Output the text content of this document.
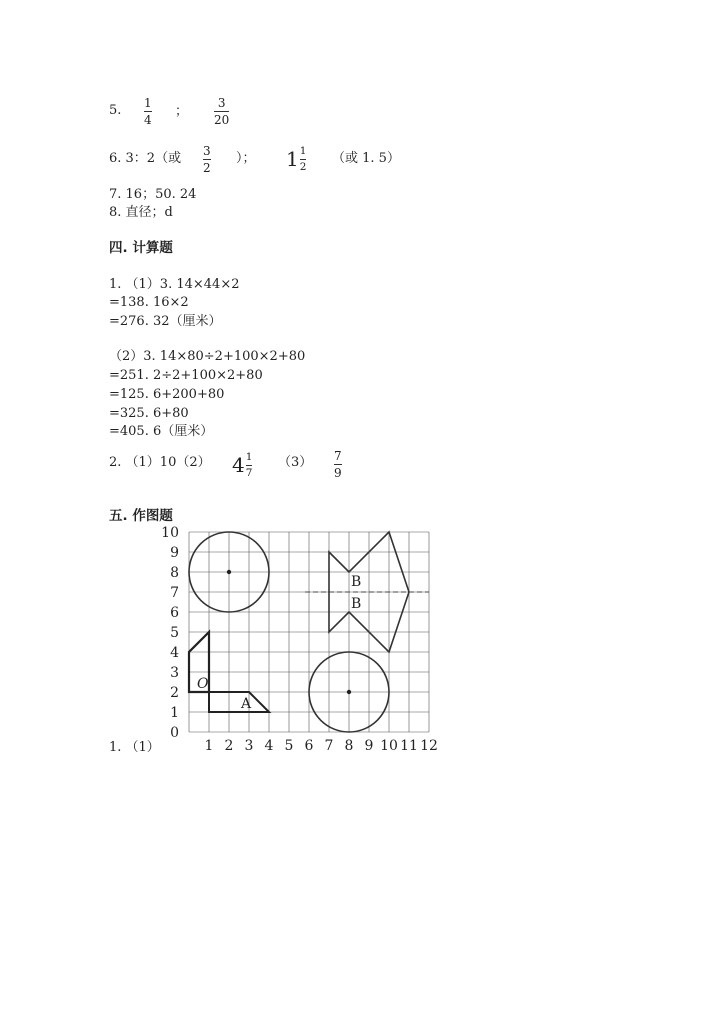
5. 1
4
；
3
20
6. 3：2（或 3
2
）； $1 \frac{1}{2}$ （或 1. 5）
7. 16；50. 24
8. 直径；d
四. 计算题
1. （1）3. 14×44×2
=138. 16×2
=276. 32（厘米）
（2）3. 14×80÷2+100×2+80
=251. 2÷2+100×2+80
=125. 6+200+80
=325. 6+80
=405. 6（厘米）
2. （1）10（2） $4 \frac{1}{7} (3)$ 7
9
五. 作图题
1. （1）	1 2 3 4 5 6 7 8 9 10 11 12
0
1
2
3
4
5
6
7
8
9
10
A
O
B
B
